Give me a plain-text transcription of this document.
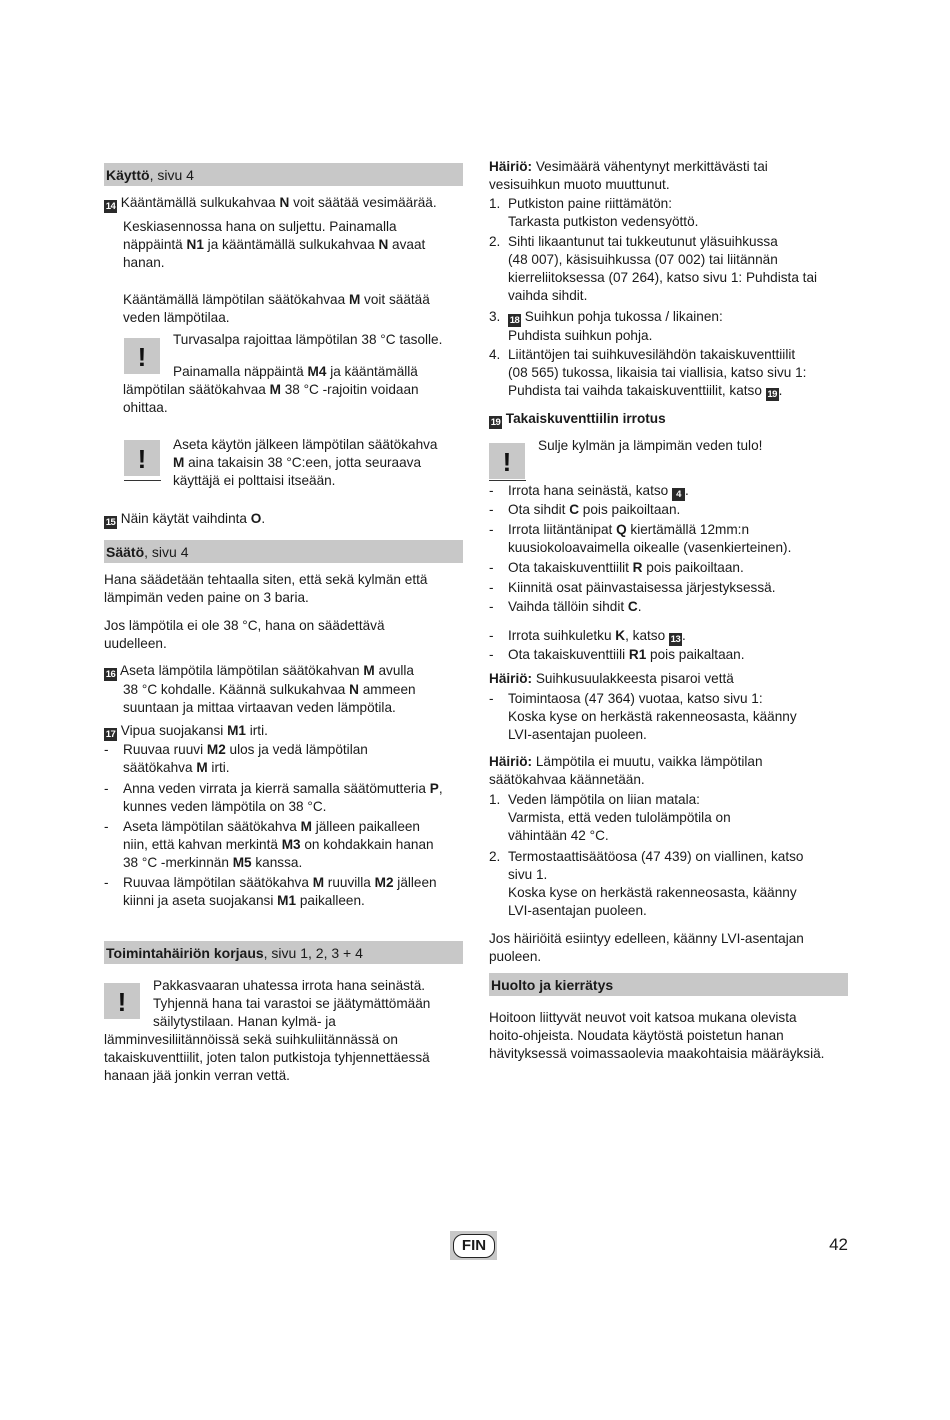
Käyttö, sivu 4

14 Kääntämällä sulkukahvaa N voit säätää vesimäärää.

Keskiasennossa hana on suljettu. Painamalla
näppäintä N1 ja kääntämällä sulkukahvaa N avaat
hanan.

Kääntämällä lämpötilan säätökahvaa M voit säätää
veden lämpötilaa.

!

Turvasalpa rajoittaa lämpötilan 38 °C tasolle.

Painamalla näppäintä M4 ja kääntämällä
lämpötilan säätökahvaa M 38 °C -rajoitin voidaan
ohittaa.

!	Aseta käytön jälkeen lämpötilan säätökahva
M aina takaisin 38 °C:een, jotta seuraava
käyttäjä ei polttaisi itseään.

15 Näin käytät vaihdinta O.

Säätö, sivu 4

Hana säädetään tehtaalla siten, että sekä kylmän että
lämpimän veden paine on 3 baria.

Jos lämpötila ei ole 38 °C, hana on säädettävä
uudelleen.

16 Aseta lämpötila lämpötilan säätökahvan M avulla
38 °C kohdalle. Käännä sulkukahvaa N ammeen
suuntaan ja mittaa virtaavan veden lämpötila.

17 Vipua suojakansi M1 irti.

- Ruuvaa ruuvi M2 ulos ja vedä lämpötilan
säätökahva M irti.

- Anna veden virrata ja kierrä samalla säätömutteria P,
kunnes veden lämpötila on 38 °C.

- Aseta lämpötilan säätökahva M jälleen paikalleen
niin, että kahvan merkintä M3 on kohdakkain hanan
38 °C -merkinnän M5 kanssa.

- Ruuvaa lämpötilan säätökahva M ruuvilla M2 jälleen
kiinni ja aseta suojakansi M1 paikalleen.

Toimintahäiriön korjaus, sivu 1, 2, 3 + 4
!

Pakkasvaaran uhatessa irrota hana seinästä.
Tyhjennä hana tai varastoi se jäätymättömään
säilytystilaan. Hanan kylmä- ja
lämminvesiliitännöissä sekä suihkuliitännässä on
takaiskuventtiilit, joten talon putkistoja tyhjennettäessä
hanaan jää jonkin verran vettä.

Häiriö: Vesimäärä vähentynyt merkittävästi tai
vesisuihkun muoto muuttunut.

1. Putkiston paine riittämätön:
Tarkasta putkiston vedensyöttö.

2. Sihti likaantunut tai tukkeutunut yläsuihkussa
(48 007), käsisuihkussa (07 002) tai liitännän
kierreliitoksessa (07 264), katso sivu 1: Puhdista tai
vaihda sihdit.

3. 18 Suihkun pohja tukossa / likainen:
Puhdista suihkun pohja.

4. Liitäntöjen tai suihkuvesilähdön takaiskuventtiilit
(08 565) tukossa, likaisia tai viallisia, katso sivu 1:
Puhdista tai vaihda takaiskuventtiilit, katso 19 .

19 Takaiskuventtiilin irrotus

!

Sulje kylmän ja lämpimän veden tulo!

- Irrota hana seinästä, katso 4 .

- Ota sihdit C pois paikoiltaan.

- Irrota liitäntänipat Q kiertämällä 12mm:n
kuusiokoloavaimella oikealle (vasenkierteinen).

- Ota takaiskuventtiilit R pois paikoiltaan.

- Kiinnitä osat päinvastaisessa järjestyksessä.

- Vaihda tällöin sihdit C.

- Irrota suihkuletku K, katso 13 .

- Ota takaiskuventtiili R1 pois paikaltaan.

Häiriö: Suihkusuulakkeesta pisaroi vettä

- Toimintaosa (47 364) vuotaa, katso sivu 1:
Koska kyse on herkästä rakenneosasta, käänny
LVI-asentajan puoleen.

Häiriö: Lämpötila ei muutu, vaikka lämpötilan
säätökahvaa käännetään.

1. Veden lämpötila on liian matala:
Varmista, että veden tulolämpötila on
vähintään 42 °C.

2. Termostaattisäätöosa (47 439) on viallinen, katso
sivu 1.
Koska kyse on herkästä rakenneosasta, käänny
LVI-asentajan puoleen.

Jos häiriöitä esiintyy edelleen, käänny LVI-asentajan
puoleen.

Huolto ja kierrätys

Hoitoon liittyvät neuvot voit katsoa mukana olevista
hoito-ohjeista. Noudata käytöstä poistetun hanan
hävityksessä voimassaolevia maakohtaisia määräyksiä.

FIN	42
